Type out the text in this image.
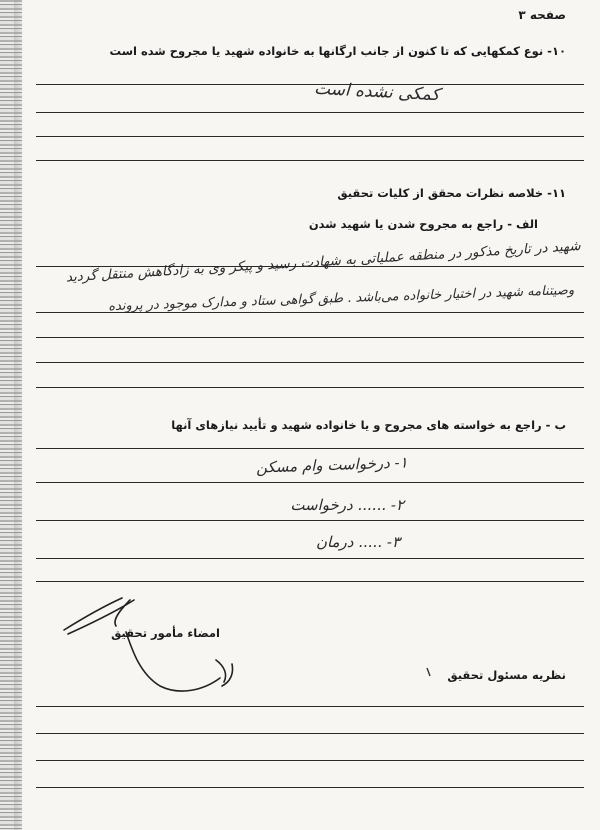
صفحه ۳
۱۰- نوع کمکهایی که تا کنون از جانب ارگانها به خانواده شهید یا مجروح شده است
کمکی نشده است
۱۱- خلاصه نظرات محقق از کلیات تحقیق
الف - راجع به مجروح شدن یا شهید شدن
شهید در تاریخ مذکور در منطقه عملیاتی به شهادت رسید و پیکر وی به زادگاهش منتقل گردید
وصیتنامه شهید در اختیار خانواده می‌باشد . طبق گواهی ستاد و مدارک موجود در پرونده
ب - راجع به خواسته های مجروح و یا خانواده شهید و تأیید نیازهای آنها
۱- درخواست وام مسکن
۲- ...... درخواست
۳- ..... درمان
امضاء مأمور تحقیق
نظریه مسئول تحقیق
